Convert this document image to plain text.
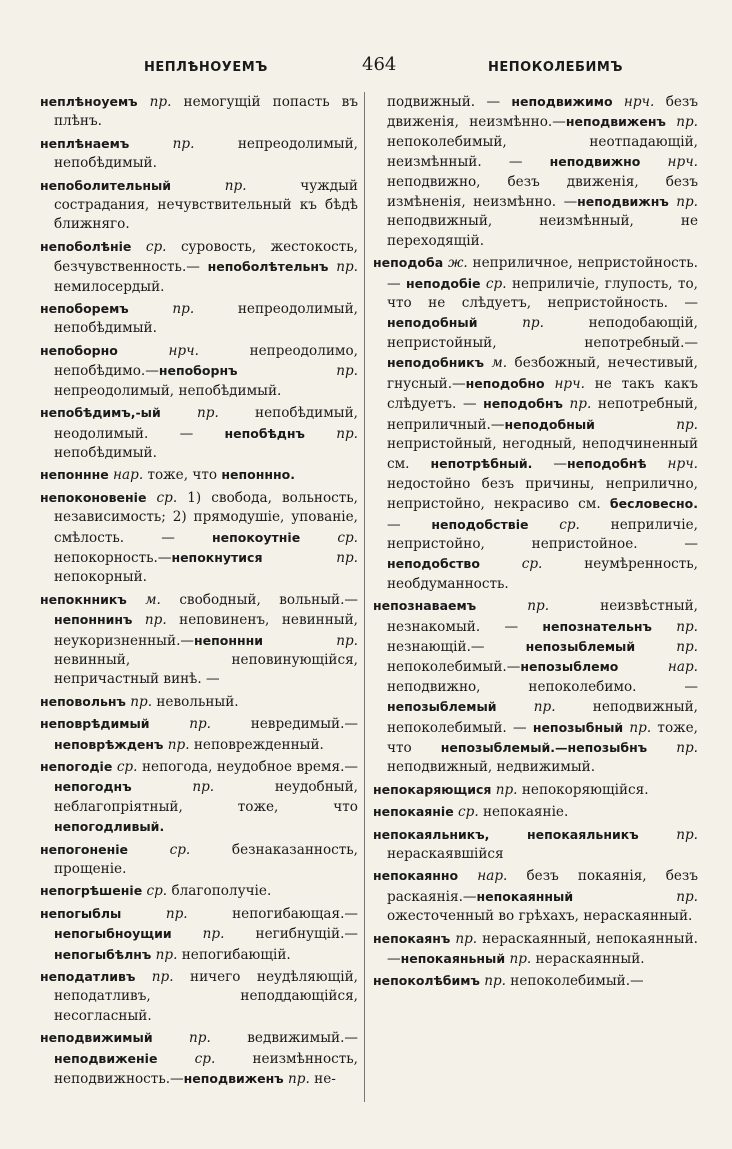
НЕПЛѢНОУЕМЪ	464	НЕПОКОЛЕБИМЪ

неплѣноуемъ пр. немогущій попасть въ плѣнъ.

неплѣнаемъ пр. непреодолимый, непобѣдимый.

непоболительный пр. чуждый сострадания, нечувствительный къ бѣдѣ ближняго.

непоболѣніе ср. суровость, жестокость, безчувственность.— непоболѣтельнъ пр. немилосердый.

непоборемъ пр. непреодолимый, непобѣдимый.

непоборно нрч. непреодолимо, непобѣдимо.—непоборнъ пр. непреодолимый, непобѣдимый.

непобѣдимъ,-ый пр. непобѣдимый, неодолимый. — непобѣднъ пр. непобѣдимый.

непоннне нар. тоже, что непоннно.

непоконовеніе ср. 1) свобода, вольность, независимость; 2) прямодушіе, упованіе, смѣлость. — непокоутніе ср. непокорность.—непокнутися пр. непокорный.

непокнникъ м. свободный, вольный.—непоннинъ пр. неповиненъ, невинный, неукоризненный.—непоннни пр. невинный, неповинующійся, непричастный винѣ. —

неповольнъ пр. невольный.

неповрѣдимый пр. невредимый.—неповрѣжденъ пр. неповрежденный.

непогодіе ср. непогода, неудобное время.—непогоднъ пр. неудобный, неблагопріятный, тоже, что непогодливый.

непогоненіе ср. безнаказанность, прощеніе.

непогрѣшеніе ср. благополучіе.

непогыблы пр. непогибающая.—непогыбноущии пр. негибнущій.—непогыбѣлнъ пр. непогибающій.

неподатливъ пр. ничего неудѣляющій, неподатливъ, неподдающійся, несогласный.

неподвижимый пр. ведвижимый.—неподвиженіе ср. неизмѣнность, неподвижность.—неподвиженъ пр. не-

подвижный. — неподвижимо нрч. безъ движенія, неизмѣнно.—неподвиженъ пр. непоколебимый, неотпадающій, неизмѣнный. — неподвижно нрч. неподвижно, безъ движенія, безъ измѣненія, неизмѣнно. —неподвижнъ пр. неподвижный, неизмѣнный, не переходящій.

неподоба ж. неприличное, непристойность. — неподобіе ср. неприличіе, глупость, то, что не слѣдуетъ, непристойность. — неподобный пр. неподобающій, непристойный, непотребный.—неподобникъ м. безбожный, нечестивый, гнусный.—неподобно нрч. не такъ какъ слѣдуетъ. — неподобнъ пр. непотребный, неприличный.—неподобный пр. непристойный, негодный, неподчиненный см. непотрѣбный. —неподобнѣ нрч. недостойно безъ причины, неприлично, непристойно, некрасиво см. бесловесно. — неподобствіе ср. неприличіе, непристойно, непристойное. — неподобство ср. неумѣренность, необдуманность.

непознаваемъ пр. неизвѣстный, незнакомый. — непознательнъ пр. незнающій.— непозыблемый пр. непоколебимый.—непозыблемо нар. неподвижно, непоколебимо. — непозыблемый пр. неподвижный, непоколебимый. — непозыбный пр. тоже, что непозыблемый.—непозыбнъ пр. неподвижный, недвижимый.

непокаряющися пр. непокоряющійся.

непокаяніе ср. непокаяніе.

непокаяльникъ, непокаяльникъ пр. нераскаявшійся

непокаянно нар. безъ покаянія, безъ раскаянія.—непокаянный пр. ожесточенный во грѣхахъ, нераскаянный.

непокаянъ пр. нераскаянный, непокаянный.—непокаяньный пр. нераскаянный.

непоколѣбимъ пр. непоколебимый.—
